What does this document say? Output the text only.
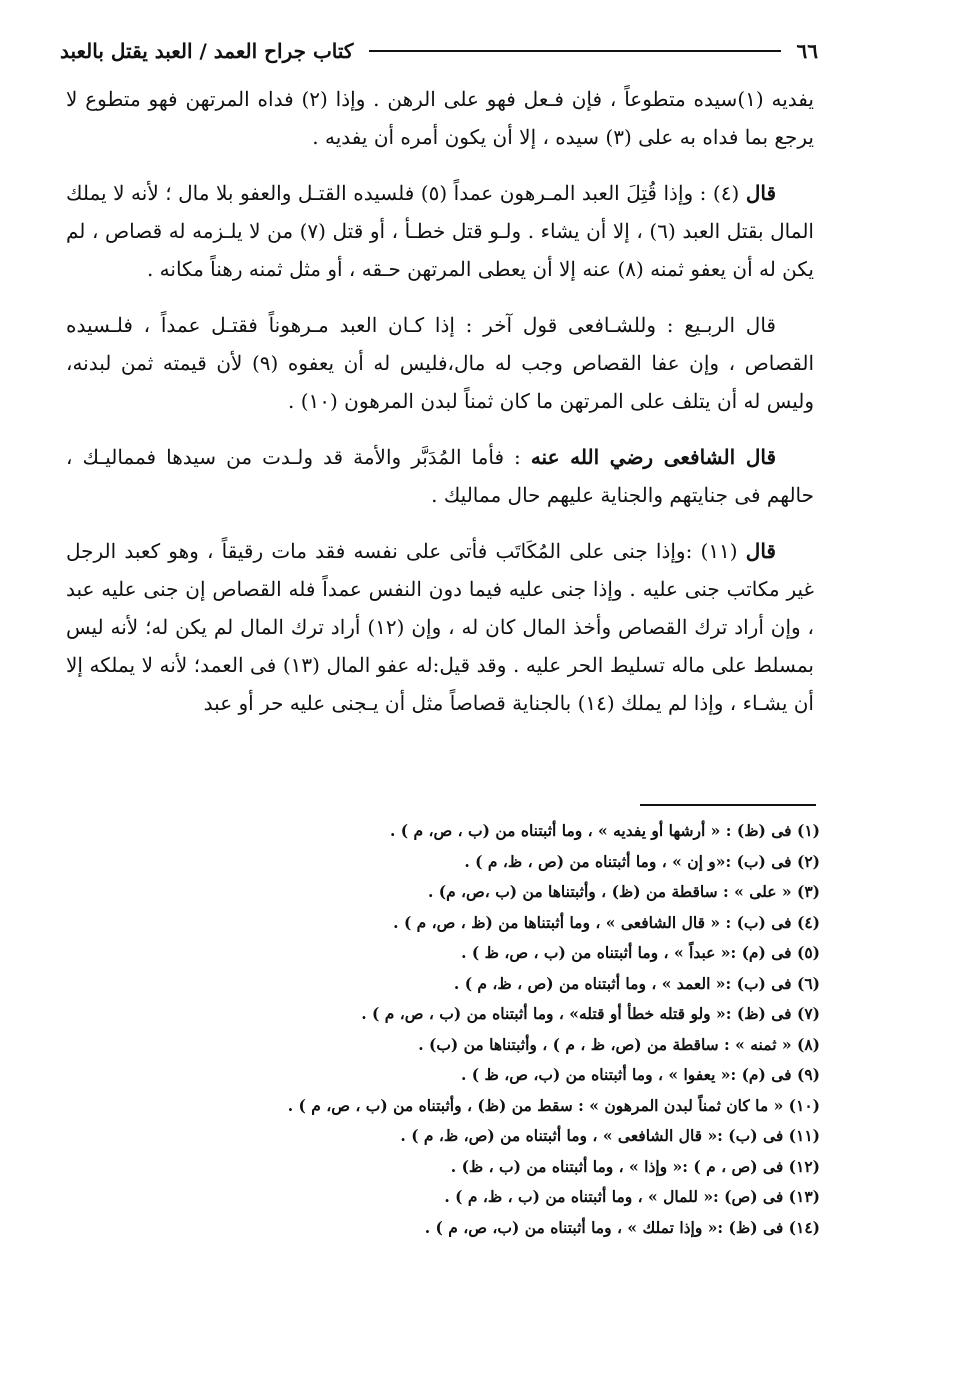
٦٦
كتاب جراح العمد / العبد يقتل بالعبد

يفديه (١)سيده متطوعاً ، فإن فـعل فهو على الرهن . وإذا (٢) فداه المرتهن فهو متطوع لا يرجع بما فداه به على (٣) سيده ، إلا أن يكون أمره أن يفديه .

قال (٤) : وإذا قُتِلَ العبد المـرهون عمداً (٥) فلسيده القتـل والعفو بلا مال ؛ لأنه لا يملك المال بقتل العبد (٦) ، إلا أن يشاء . ولـو قتل خطـأ ، أو قتل (٧) من لا يلـزمه له قصاص ، لم يكن له أن يعفو ثمنه (٨) عنه إلا أن يعطى المرتهن حـقه ، أو مثل ثمنه رهناً مكانه .

قال الربـيع : وللشـافعى قول آخر : إذا كـان العبد مـرهوناً فقتـل عمداً ، فلـسيده القصاص ، وإن عفا القصاص وجب له مال،فليس له أن يعفوه (٩) لأن قيمته ثمن لبدنه، وليس له أن يتلف على المرتهن ما كان ثمناً لبدن المرهون (١٠) .

قال الشافعى رضي الله عنه : فأما المُدَبَّر والأمة قد ولـدت من سيدها فمماليـك ، حالهم فى جنايتهم والجناية عليهم حال مماليك .

قال (١١) :وإذا جنى على المُكَاتَب فأتى على نفسه فقد مات رقيقاً ، وهو كعبد الرجل غير مكاتب جنى عليه . وإذا جنى عليه فيما دون النفس عمداً فله القصاص إن جنى عليه عبد ، وإن أراد ترك القصاص وأخذ المال كان له ، وإن (١٢) أراد ترك المال لم يكن له؛ لأنه ليس بمسلط على ماله تسليط الحر عليه . وقد قيل:له عفو المال (١٣) فى العمد؛ لأنه لا يملكه إلا أن يشـاء ، وإذا لم يملك (١٤) بالجناية قصاصاً مثل أن يـجنى عليه حر أو عبد

(١) فى (ظ) : « أرشها أو يفديه » ، وما أثبتناه من (ب ، ص، م ) .
(٢) فى (ب) :«و إن » ، وما أثبتناه من (ص ، ظ، م ) .
(٣) « على » : ساقطة من (ظ) ، وأثبتناها من (ب ،ص، م) .
(٤) فى (ب) : « قال الشافعى » ، وما أثبتناها من (ظ ، ص، م ) .
(٥) فى (م) :« عبداً » ، وما أثبتناه من (ب ، ص، ظ ) .
(٦) فى (ب) :« العمد » ، وما أثبتناه من (ص ، ظ، م ) .
(٧) فى (ظ) :« ولو قتله خطأ أو قتله» ، وما أثبتناه من (ب ، ص، م ) .
(٨) « ثمنه » : ساقطة من (ص، ظ ، م ) ، وأثبتناها من (ب) .
(٩) فى (م) :« يعفوا » ، وما أثبتناه من (ب، ص، ظ ) .
(١٠) « ما كان ثمناً لبدن المرهون » : سقط من (ظ) ، وأثبتناه من (ب ، ص، م ) .
(١١) فى (ب) :« قال الشافعى » ، وما أثبتناه من (ص، ظ، م ) .
(١٢) فى (ص ، م ) :« وإذا » ، وما أثبتناه من (ب ، ظ) .
(١٣) فى (ص) :« للمال » ، وما أثبتناه من (ب ، ظ، م ) .
(١٤) فى (ظ) :« وإذا تملك » ، وما أثبتناه من (ب، ص، م ) .
